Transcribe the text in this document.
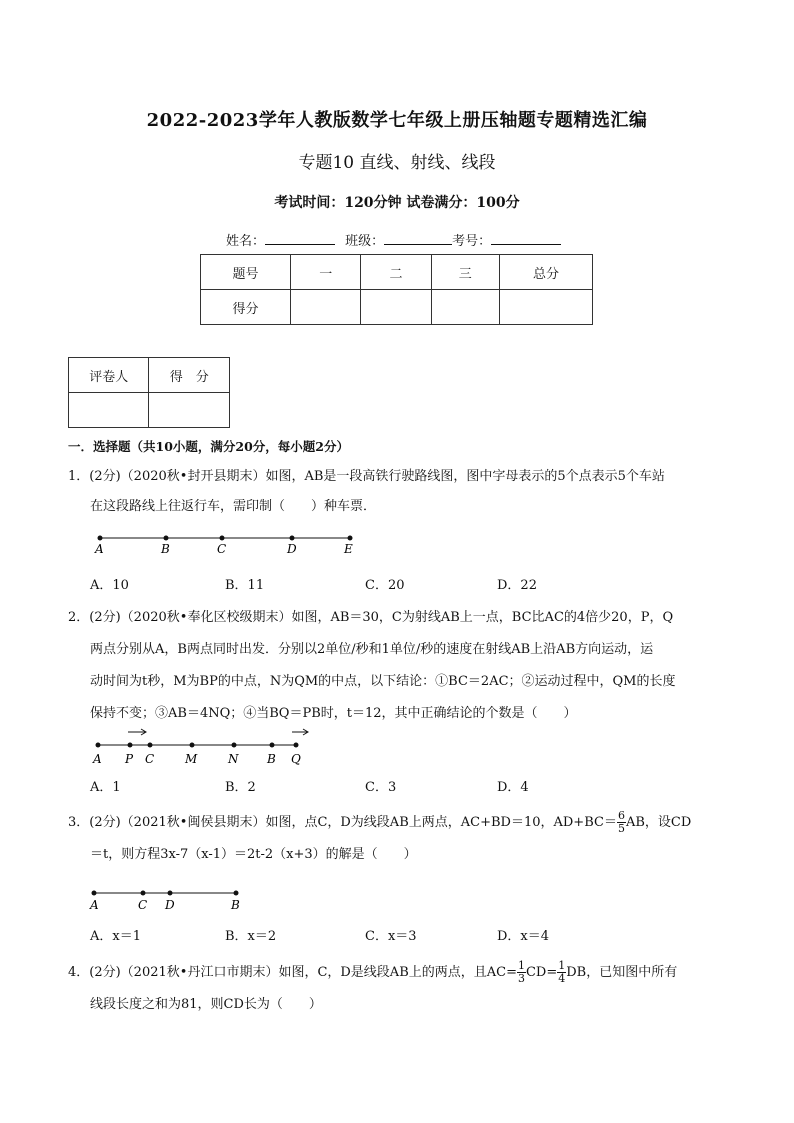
2022-2023学年人教版数学七年级上册压轴题专题精选汇编
专题10 直线、射线、线段
考试时间：120分钟 试卷满分：100分
姓名：	班级：	考号：
题号	一	二	三	总分
得分				
评卷人	得　分

一．选择题（共10小题，满分20分，每小题2分）
1．(2分)（2020秋•封开县期末）如图，AB是一段高铁行驶路线图，图中字母表示的5个点表示5个车站
在这段路线上往返行车，需印制（　　）种车票．
A	B	C	D	E
A．10	B．11	C．20	D．22
2．(2分)（2020秋•奉化区校级期末）如图，AB＝30，C为射线AB上一点，BC比AC的4倍少20，P，Q
两点分别从A，B两点同时出发．分别以2单位/秒和1单位/秒的速度在射线AB上沿AB方向运动，运
动时间为t秒，M为BP的中点，N为QM的中点，以下结论：①BC＝2AC；②运动过程中，QM的长度
保持不变；③AB＝4NQ；④当BQ＝PB时，t＝12，其中正确结论的个数是（　　）
A P C	M	N B Q
A．1	B．2	C．3	D．4
3．(2分)（2021秋•闽侯县期末）如图，点C，D为线段AB上两点，AC+BD＝10，$AD+BC= \frac{6}{5}$ AB，设CD
＝t，则方程3x-7（x-1）＝2t-2（x+3）的解是（　　）
A	C D	B
A．x＝1	B．x＝2	C．x＝3	D．x＝4
4．(2分)（2021秋•丹江口市期末）如图，C，D是线段AB上的两点，且$AC= \frac{1}{3} CD= \frac{1}{4}$ DB，已知图中所有
线段长度之和为81，则CD长为（　　）
